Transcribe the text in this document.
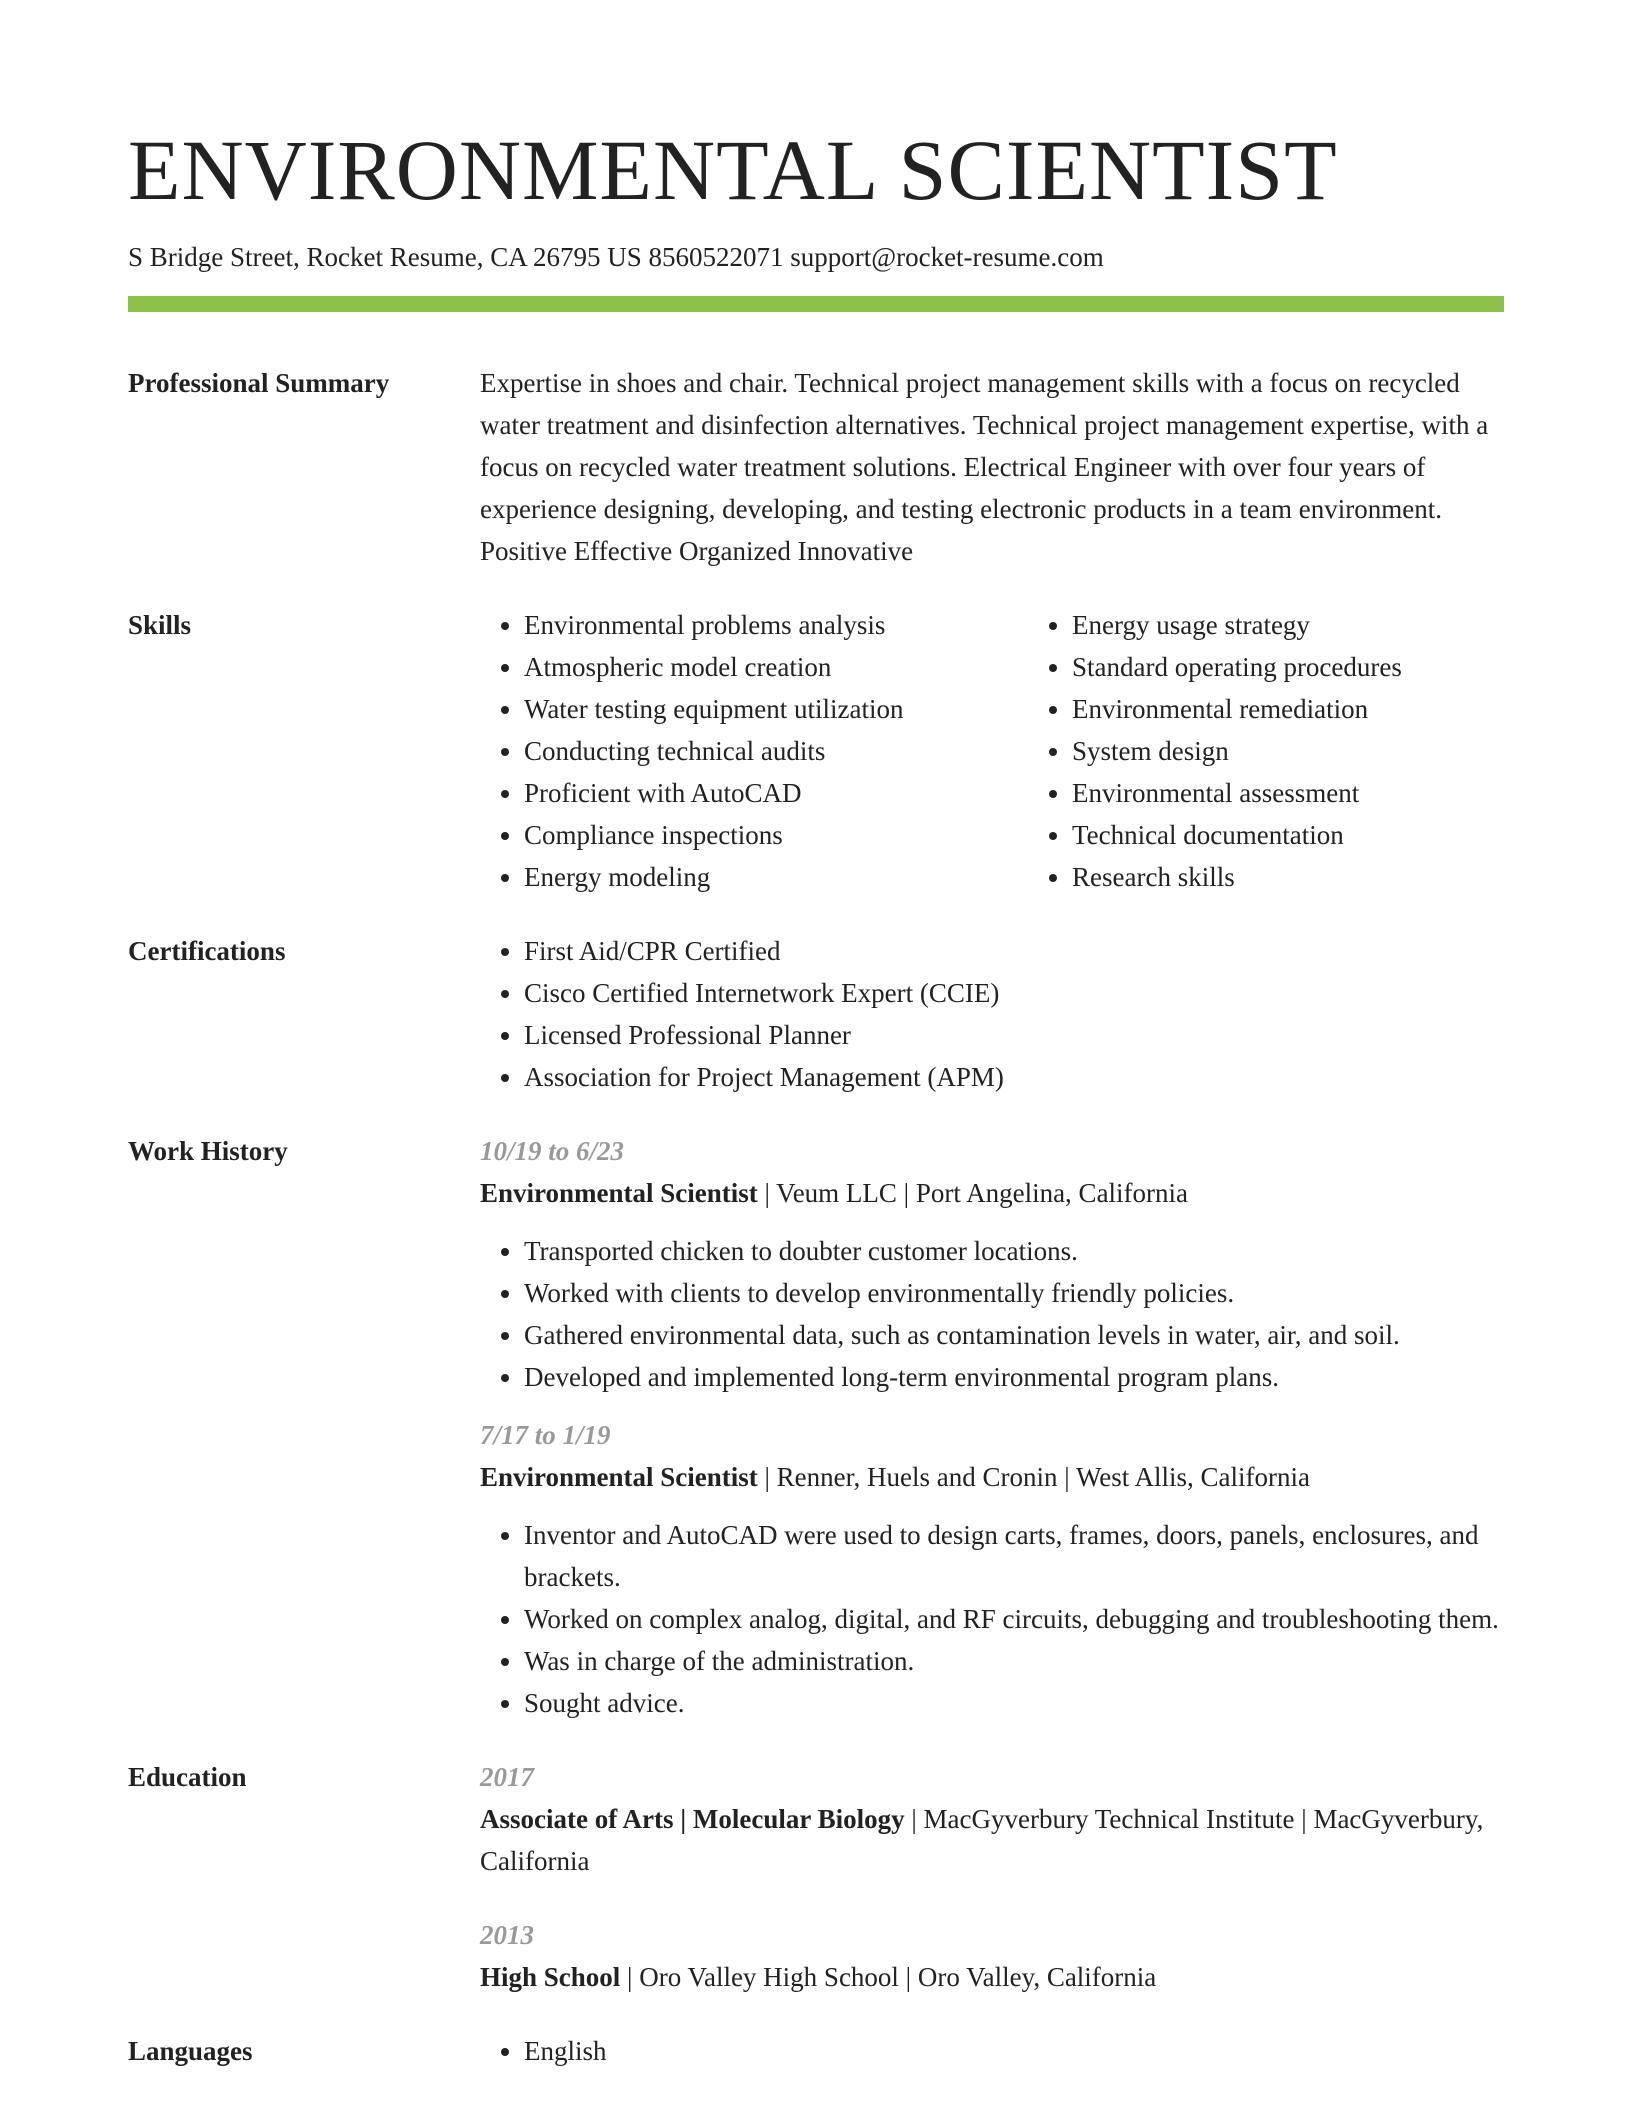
ENVIRONMENTAL SCIENTIST
S Bridge Street, Rocket Resume, CA 26795 US 8560522071 support@rocket-resume.com
Professional Summary	Expertise in shoes and chair. Technical project management skills with a focus on recycled water treatment and disinfection alternatives. Technical project management expertise, with a focus on recycled water treatment solutions. Electrical Engineer with over four years of experience designing, developing, and testing electronic products in a team environment. Positive Effective Organized Innovative
Skills	• Environmental problems analysis
• Atmospheric model creation
• Water testing equipment utilization
• Conducting technical audits
• Proficient with AutoCAD
• Compliance inspections
• Energy modeling
• Energy usage strategy
• Standard operating procedures
• Environmental remediation
• System design
• Environmental assessment
• Technical documentation
• Research skills
Certifications	• First Aid/CPR Certified
• Cisco Certified Internetwork Expert (CCIE)
• Licensed Professional Planner
• Association for Project Management (APM)
Work History	10/19 to 6/23
Environmental Scientist | Veum LLC | Port Angelina, California
• Transported chicken to doubter customer locations.
• Worked with clients to develop environmentally friendly policies.
• Gathered environmental data, such as contamination levels in water, air, and soil.
• Developed and implemented long-term environmental program plans.
7/17 to 1/19
Environmental Scientist | Renner, Huels and Cronin | West Allis, California
• Inventor and AutoCAD were used to design carts, frames, doors, panels, enclosures, and brackets.
• Worked on complex analog, digital, and RF circuits, debugging and troubleshooting them.
• Was in charge of the administration.
• Sought advice.
Education	2017
Associate of Arts | Molecular Biology | MacGyverbury Technical Institute | MacGyverbury, California
2013
High School | Oro Valley High School | Oro Valley, California
Languages	• English
